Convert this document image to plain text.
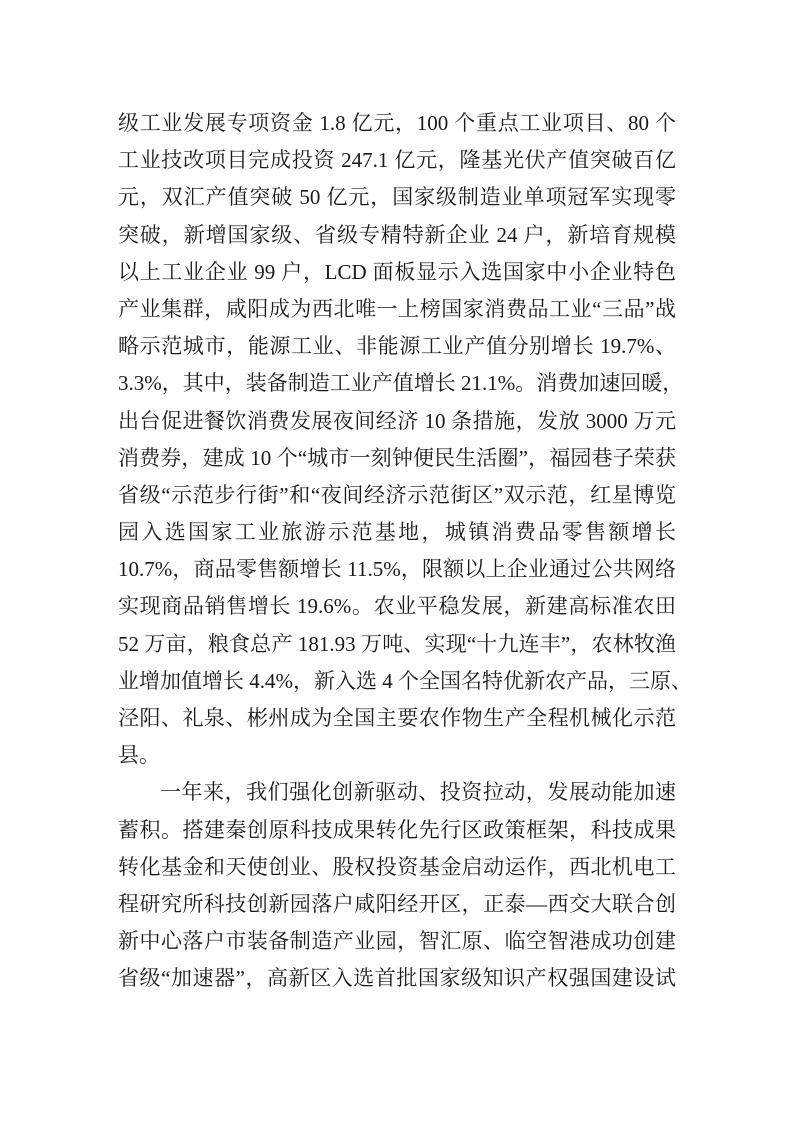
级工业发展专项资金 1.8 亿元，100 个重点工业项目、80 个
工业技改项目完成投资 247.1 亿元，隆基光伏产值突破百亿
元，双汇产值突破 50 亿元，国家级制造业单项冠军实现零
突破，新增国家级、省级专精特新企业 24 户，新培育规模
以上工业企业 99 户，LCD 面板显示入选国家中小企业特色
产业集群，咸阳成为西北唯一上榜国家消费品工业“三品”战
略示范城市，能源工业、非能源工业产值分别增长 19.7%、
3.3%，其中，装备制造工业产值增长 21.1%。消费加速回暖，
出台促进餐饮消费发展夜间经济 10 条措施，发放 3000 万元
消费券，建成 10 个“城市一刻钟便民生活圈”，福园巷子荣获
省级“示范步行街”和“夜间经济示范街区”双示范，红星博览
园入选国家工业旅游示范基地，城镇消费品零售额增长
10.7%，商品零售额增长 11.5%，限额以上企业通过公共网络
实现商品销售增长 19.6%。农业平稳发展，新建高标准农田
52 万亩，粮食总产 181.93 万吨、实现“十九连丰”，农林牧渔
业增加值增长 4.4%，新入选 4 个全国名特优新农产品，三原、
泾阳、礼泉、彬州成为全国主要农作物生产全程机械化示范
县。
一年来，我们强化创新驱动、投资拉动，发展动能加速
蓄积。搭建秦创原科技成果转化先行区政策框架，科技成果
转化基金和天使创业、股权投资基金启动运作，西北机电工
程研究所科技创新园落户咸阳经开区，正泰—西交大联合创
新中心落户市装备制造产业园，智汇原、临空智港成功创建
省级“加速器”，高新区入选首批国家级知识产权强国建设试
